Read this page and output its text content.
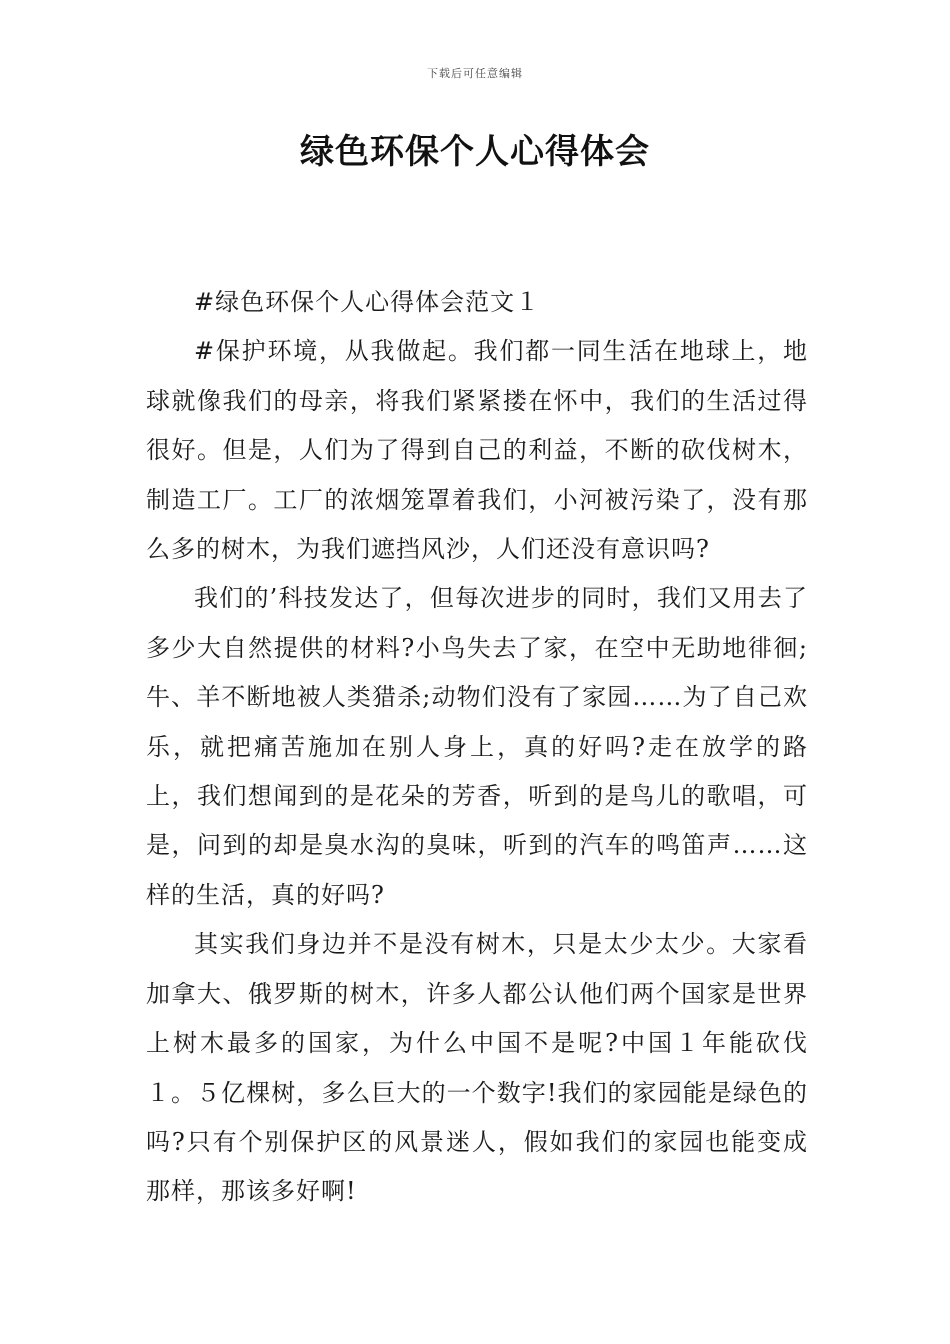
下载后可任意编辑
绿色环保个人心得体会

#绿色环保个人心得体会范文１

#保护环境，从我做起。我们都一同生活在地球上，地球就像我们的母亲，将我们紧紧搂在怀中，我们的生活过得很好。但是，人们为了得到自己的利益，不断的砍伐树木，制造工厂。工厂的浓烟笼罩着我们，小河被污染了，没有那么多的树木，为我们遮挡风沙，人们还没有意识吗?

我们的’科技发达了，但每次进步的同时，我们又用去了多少大自然提供的材料?小鸟失去了家，在空中无助地徘徊;牛、羊不断地被人类猎杀;动物们没有了家园……为了自己欢乐，就把痛苦施加在别人身上，真的好吗?走在放学的路上，我们想闻到的是花朵的芳香，听到的是鸟儿的歌唱，可是，问到的却是臭水沟的臭味，听到的汽车的鸣笛声……这样的生活，真的好吗?

其实我们身边并不是没有树木，只是太少太少。大家看加拿大、俄罗斯的树木，许多人都公认他们两个国家是世界上树木最多的国家，为什么中国不是呢?中国１年能砍伐１。５亿棵树，多么巨大的一个数字!我们的家园能是绿色的吗?只有个别保护区的风景迷人，假如我们的家园也能变成那样，那该多好啊!
